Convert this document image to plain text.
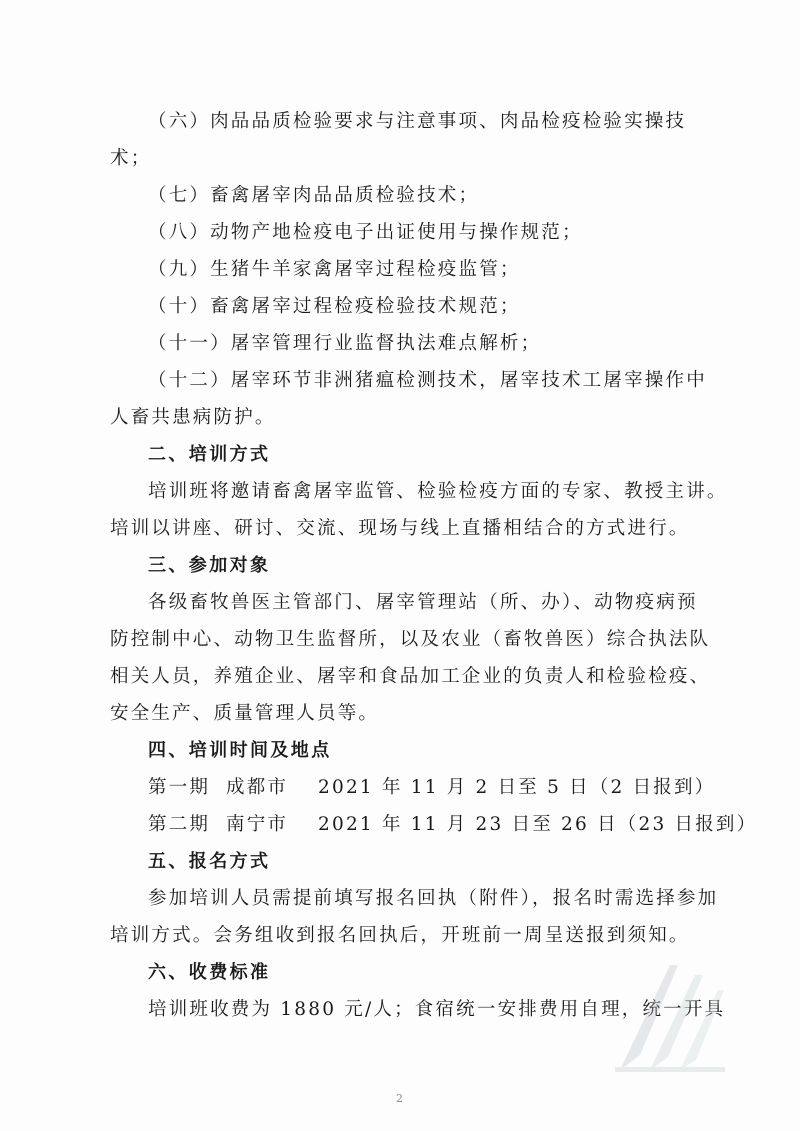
（六）肉品品质检验要求与注意事项、肉品检疫检验实操技
术；
（七）畜禽屠宰肉品品质检验技术；
（八）动物产地检疫电子出证使用与操作规范；
（九）生猪牛羊家禽屠宰过程检疫监管；
（十）畜禽屠宰过程检疫检验技术规范；
（十一）屠宰管理行业监督执法难点解析；
（十二）屠宰环节非洲猪瘟检测技术，屠宰技术工屠宰操作中
人畜共患病防护。
二、培训方式
培训班将邀请畜禽屠宰监管、检验检疫方面的专家、教授主讲。
培训以讲座、研讨、交流、现场与线上直播相结合的方式进行。
三、参加对象
各级畜牧兽医主管部门、屠宰管理站（所、办）、动物疫病预
防控制中心、动物卫生监督所，以及农业（畜牧兽医）综合执法队
相关人员，养殖企业、屠宰和食品加工企业的负责人和检验检疫、
安全生产、质量管理人员等。
四、培训时间及地点
第一期 成都市 2021 年 11 月 2 日至 5 日（2 日报到）
第二期 南宁市 2021 年 11 月 23 日至 26 日（23 日报到）
五、报名方式
参加培训人员需提前填写报名回执（附件），报名时需选择参加
培训方式。会务组收到报名回执后，开班前一周呈送报到须知。
六、收费标准
培训班收费为 1880 元/人；食宿统一安排费用自理，统一开具
2
